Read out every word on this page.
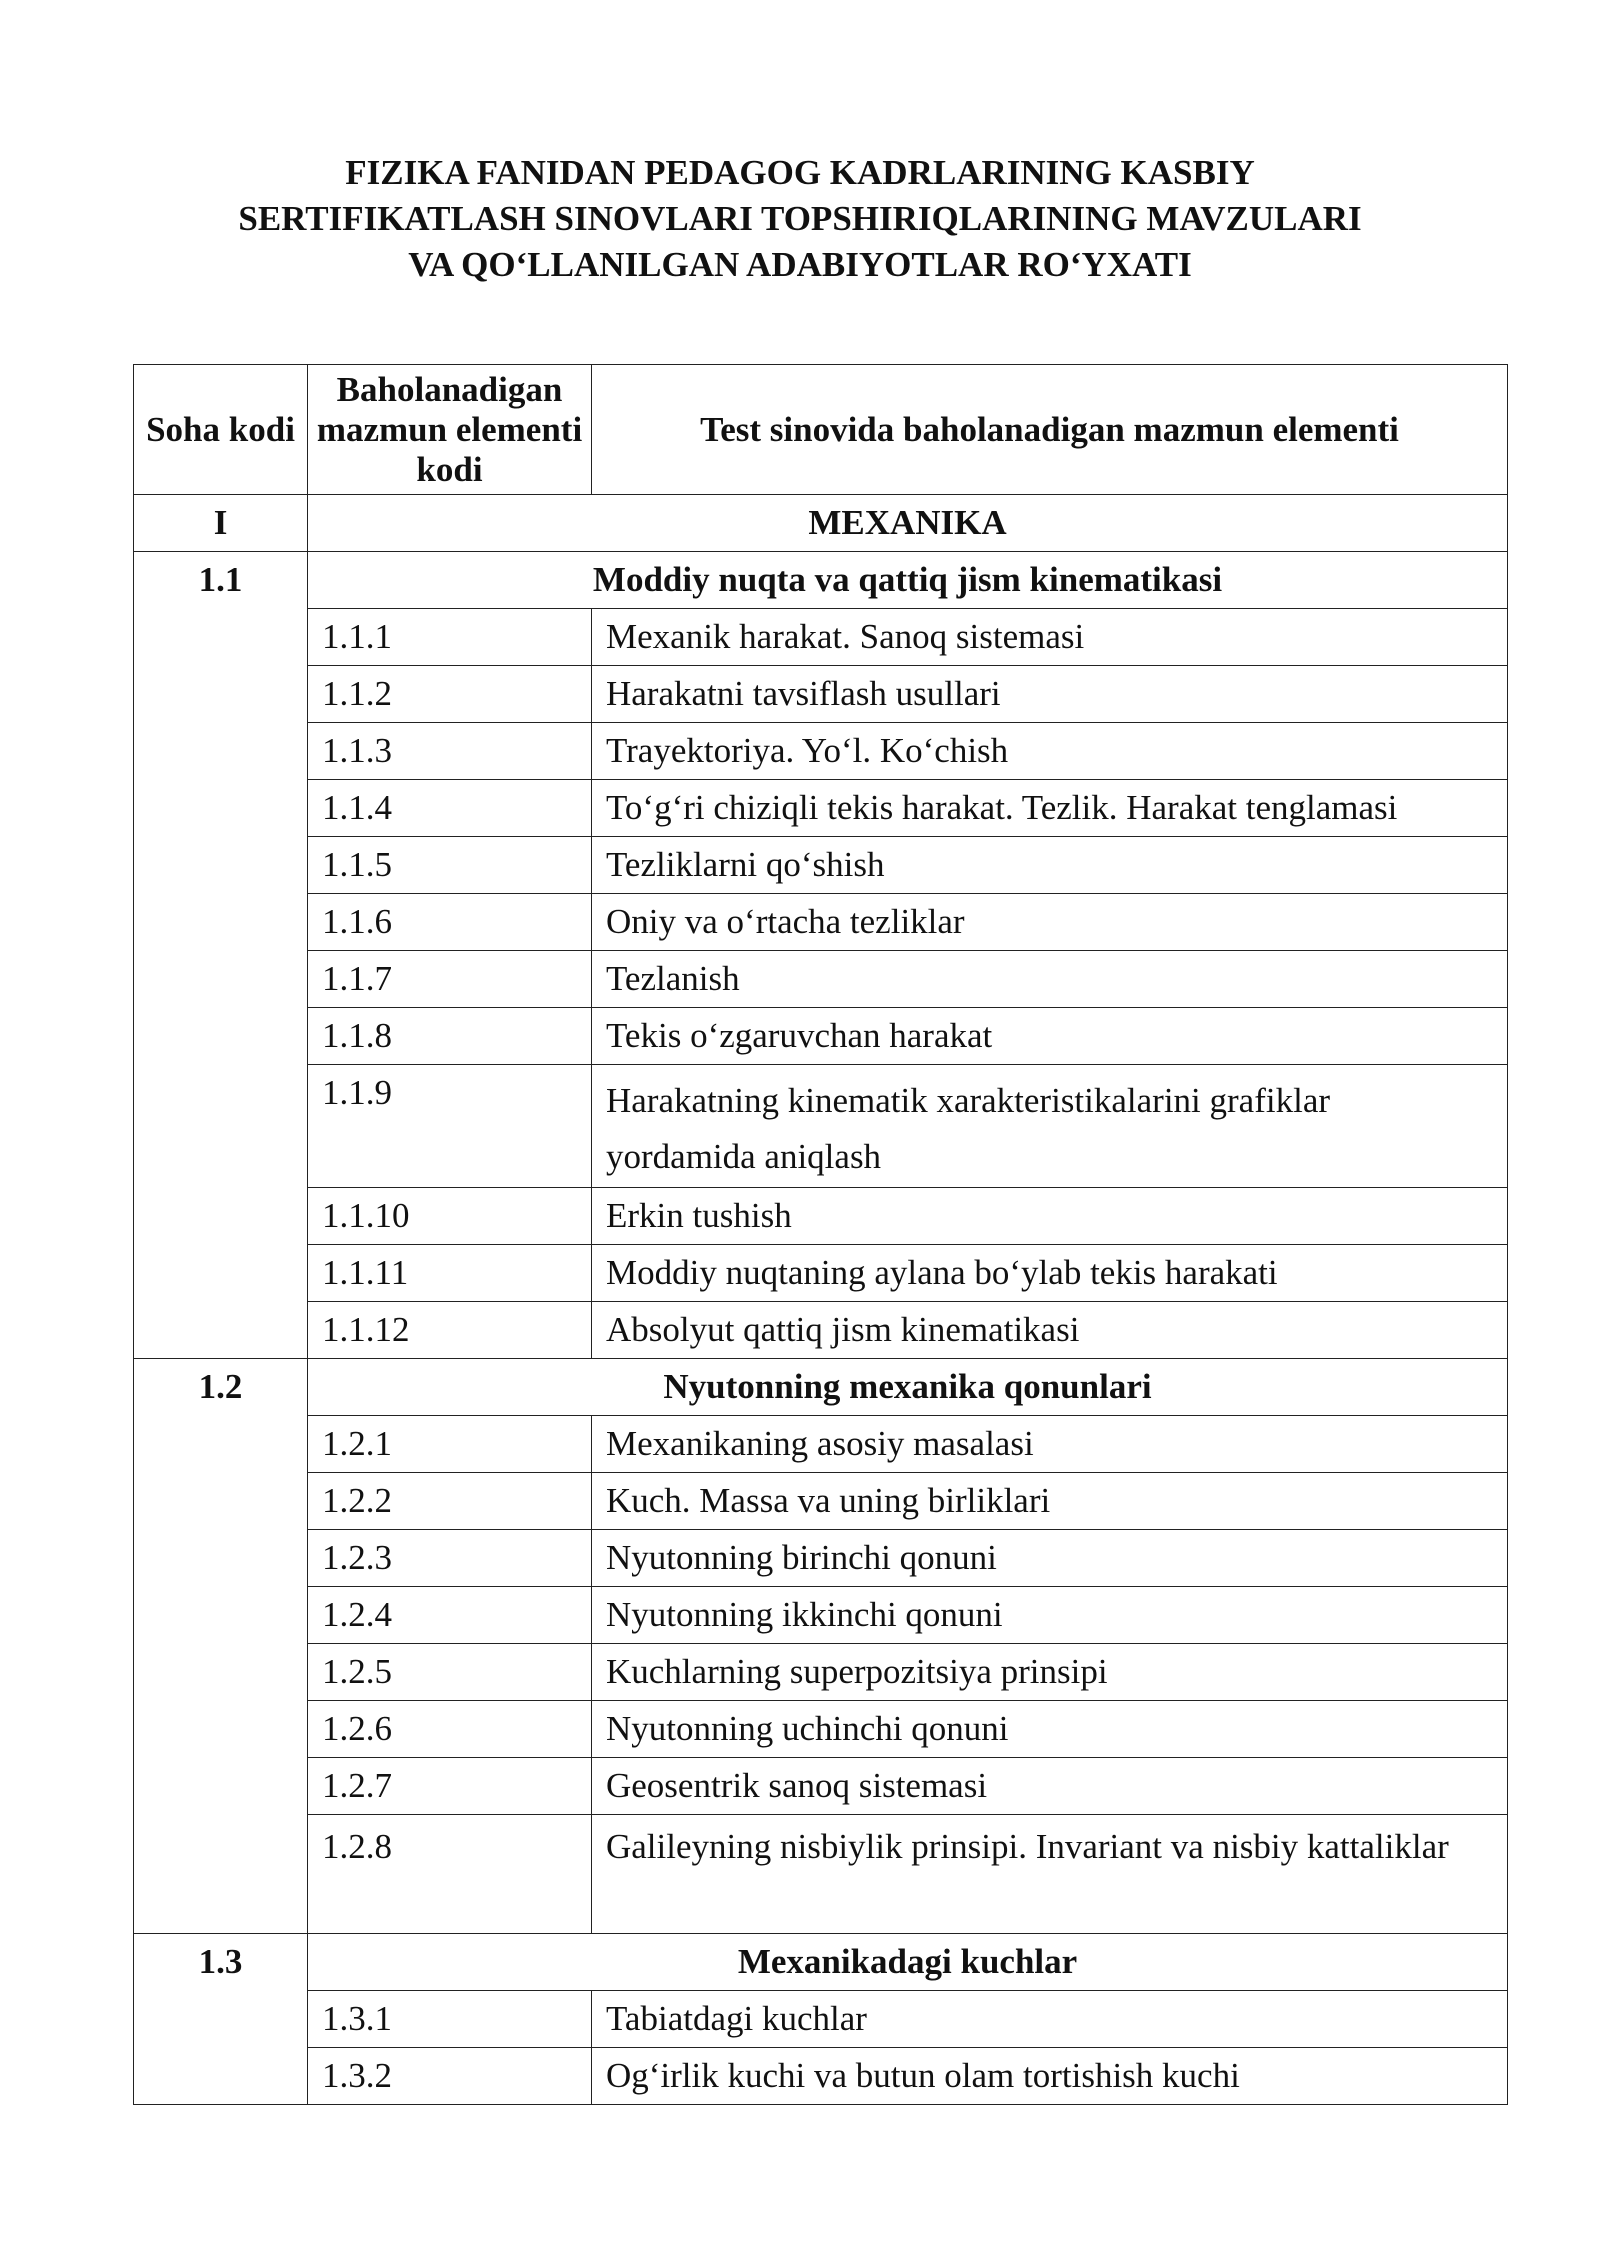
FIZIKA FANIDAN PEDAGOG KADRLARINING KASBIY
SERTIFIKATLASH SINOVLARI TOPSHIRIQLARINING MAVZULARI
VA QO‘LLANILGAN ADABIYOTLAR RO‘YXATI
Soha kodi	Baholanadigan mazmun elementi kodi	Test sinovida baholanadigan mazmun elementi
I	MEXANIKA	

1.1	Moddiy nuqta va qattiq jism kinematikasi	
	1.1.1	Mexanik harakat. Sanoq sistemasi
	1.1.2	Harakatni tavsiflash usullari
	1.1.3	Trayektoriya. Yo‘l. Ko‘chish
	1.1.4	To‘g‘ri chiziqli tekis harakat. Tezlik. Harakat tenglamasi
	1.1.5	Tezliklarni qo‘shish
	1.1.6	Oniy va o‘rtacha tezliklar
	1.1.7	Tezlanish
	1.1.8	Tekis o‘zgaruvchan harakat
	1.1.9	Harakatning kinematik xarakteristikalarini grafiklar yordamida aniqlash
	1.1.10	Erkin tushish
	1.1.11	Moddiy nuqtaning aylana bo‘ylab tekis harakati
	1.1.12	Absolyut qattiq jism kinematikasi

1.2	Nyutonning mexanika qonunlari	
	1.2.1	Mexanikaning asosiy masalasi
	1.2.2	Kuch. Massa va uning birliklari
	1.2.3	Nyutonning birinchi qonuni
	1.2.4	Nyutonning ikkinchi qonuni
	1.2.5	Kuchlarning superpozitsiya prinsipi
	1.2.6	Nyutonning uchinchi qonuni
	1.2.7	Geosentrik sanoq sistemasi
	1.2.8	Galileyning nisbiylik prinsipi. Invariant va nisbiy kattaliklar

1.3	Mexanikadagi kuchlar	
	1.3.1	Tabiatdagi kuchlar
	1.3.2	Og‘irlik kuchi va butun olam tortishish kuchi
